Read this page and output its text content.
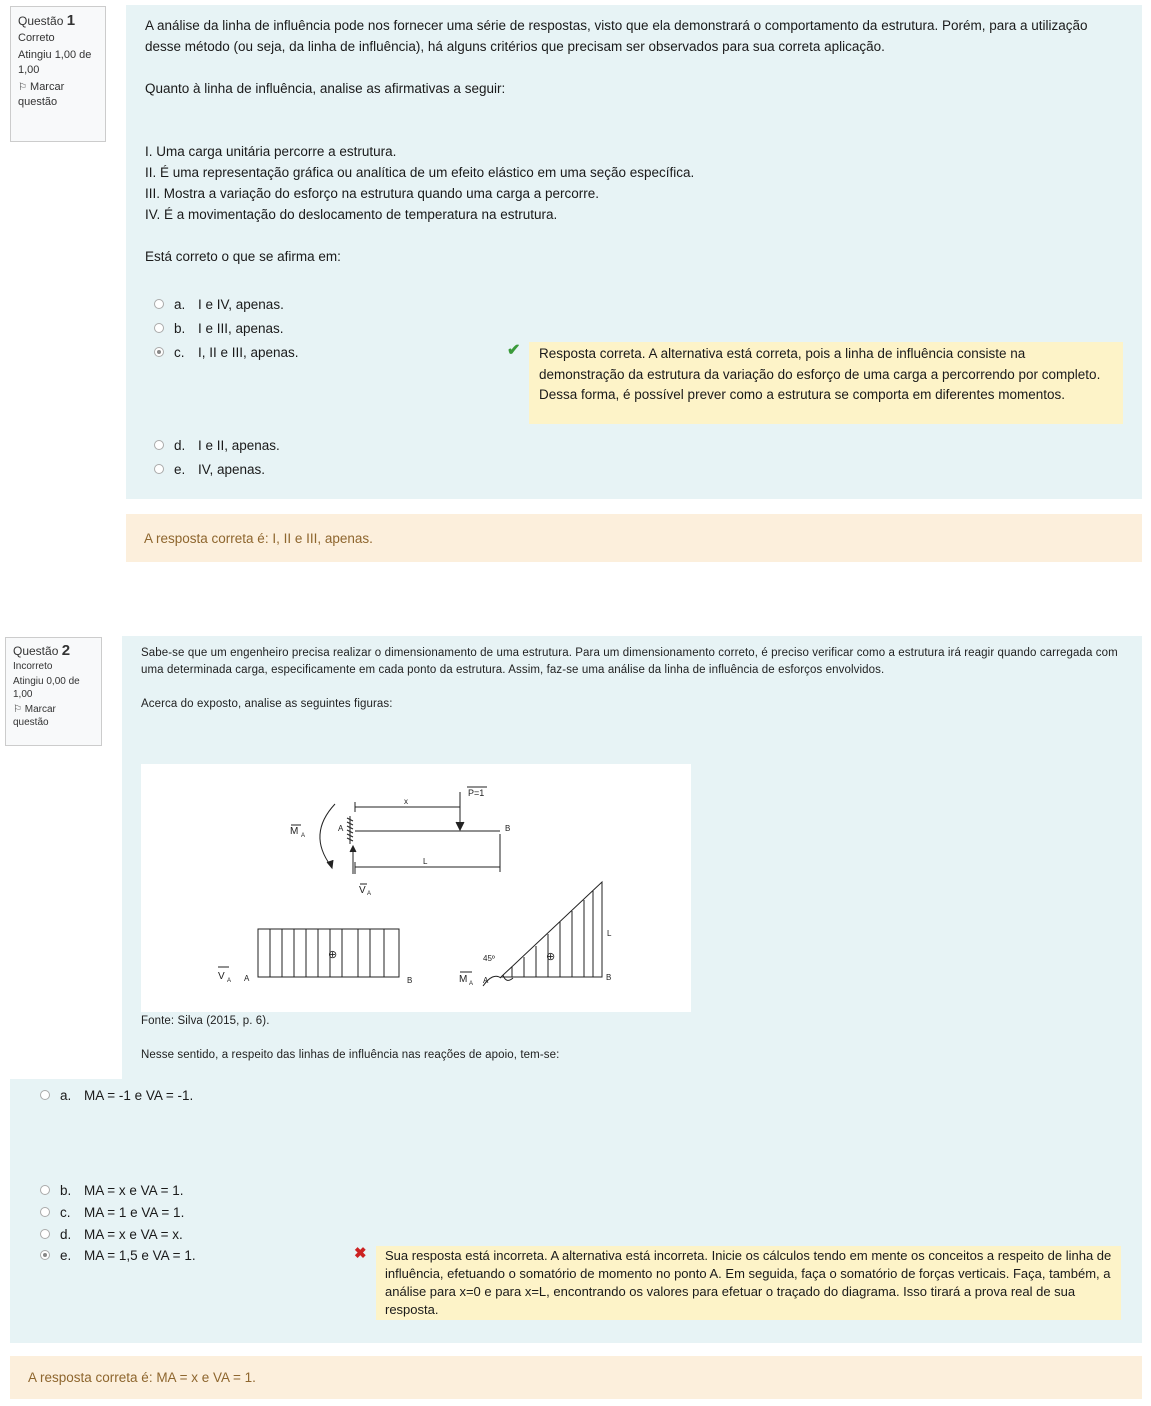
Questão 1
Correto
Atingiu 1,00 de 1,00
⚐ Marcar questão

A análise da linha de influência pode nos fornecer uma série de respostas, visto que ela demonstrará o comportamento da estrutura. Porém, para a utilização desse método (ou seja, da linha de influência), há alguns critérios que precisam ser observados para sua correta aplicação.

Quanto à linha de influência, analise as afirmativas a seguir:

I. Uma carga unitária percorre a estrutura.

II. É uma representação gráfica ou analítica de um efeito elástico em uma seção específica.

III. Mostra a variação do esforço na estrutura quando uma carga a percorre.

IV. É a movimentação do deslocamento de temperatura na estrutura.

Está correto o que se afirma em:

a. I e IV, apenas.
b. I e III, apenas.
c. I, II e III, apenas.
d. I e II, apenas.
e. IV, apenas.
✔	Resposta correta. A alternativa está correta, pois a linha de influência consiste na demonstração da estrutura da variação do esforço de uma carga a percorrendo por completo. Dessa forma, é possível prever como a estrutura se comporta em diferentes momentos.
A resposta correta é: I, II e III, apenas.
Questão 2
Incorreto
Atingiu 0,00 de 1,00
⚐ Marcar questão

Sabe-se que um engenheiro precisa realizar o dimensionamento de uma estrutura. Para um dimensionamento correto, é preciso verificar como a estrutura irá reagir quando carregada com uma determinada carga, especificamente em cada ponto da estrutura. Assim, faz-se uma análise da linha de influência de esforços envolvidos.

Acerca do exposto, analise as seguintes figuras:

P=1
x
A	B
L
M A
V A
⊕
V A A	B
45º	⊕
L
B
M A A

Fonte: Silva (2015, p. 6).

Nesse sentido, a respeito das linhas de influência nas reações de apoio, tem-se:

a. MA = -1 e VA = -1.
b. MA = x e VA = 1.
c. MA = 1 e VA = 1.
d. MA = x e VA = x.
e. MA = 1,5 e VA = 1.	✖	Sua resposta está incorreta. A alternativa está incorreta. Inicie os cálculos tendo em mente os conceitos a respeito de linha de influência, efetuando o somatório de momento no ponto A. Em seguida, faça o somatório de forças verticais. Faça, também, a análise para x=0 e para x=L, encontrando os valores para efetuar o traçado do diagrama. Isso tirará a prova real de sua resposta.
A resposta correta é: MA = x e VA = 1.
